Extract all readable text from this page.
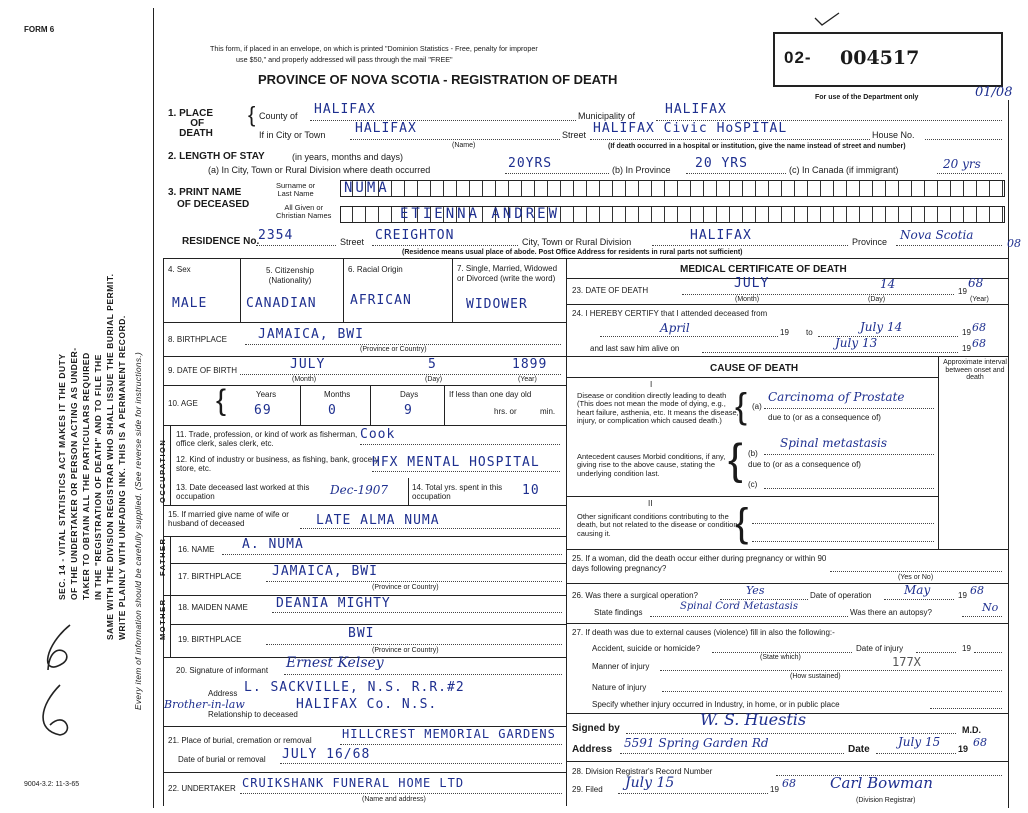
FORM 6
9004-3.2: 11-3-65
SEC. 14 - VITAL STATISTICS ACT MAKES IT THE DUTY OF THE UNDERTAKER OR PERSON ACTING AS UNDER- TAKER TO OBTAIN ALL THE PARTICULARS REQUIRED IN THE "REGISTRATION OF DEATH" AND TO FILE THE SAME WITH THE DIVISION REGISTRAR WHO SHALL ISSUE THE BURIAL PERMIT. WRITE PLAINLY WITH UNFADING INK. THIS IS A PERMANENT RECORD. Every item of information should be carefully supplied. (See reverse side for instructions.)
This form, if placed in an envelope, on which is printed "Dominion Statistics - Free, penalty for improper
use $50," and properly addressed will pass through the mail "FREE"
PROVINCE OF NOVA SCOTIA - REGISTRATION OF DEATH
02- 004517
For use of the Department only	01/08
08
1. PLACE
OF
DEATH
{ County of HALIFAX	Municipality of HALIFAX
If in City or Town HALIFAX
(Name)
Street HALIFAX Civic HoSPITAL	House No.
(If death occurred in a hospital or institution, give the name instead of street and number)
2. LENGTH OF STAY	(in years, months and days)
(a) In City, Town or Rural Division where death occurred	20YRS	(b) In Province 20 YRS	(c) In Canada (if immigrant)	20 yrs
3. PRINT NAME
OF DECEASED
Surname or
Last Name
All Given or
Christian Names
NUMA
ETIENNA ANDREW
RESIDENCE No.
2354	Street CREIGHTON	City, Town or Rural Division	HALIFAX	Province Nova Scotia
(Residence means usual place of abode. Post Office Address for residents in rural parts not sufficient)
4. Sex	5. Citizenship (Nationality)
6. Racial Origin	7. Single, Married, Widowed or Divorced (write the word)
MALE	CANADIAN	AFRICAN	WIDOWER
8. BIRTHPLACE JAMAICA, BWI
(Province or Country)
9. DATE OF BIRTH	JULY	5	1899
(Month)	(Day)	(Year)
10. AGE {	Years	Months	Days
69	0	9
If less than one day old
hrs. or	min.
OCCUPATION
11. Trade, profession, or kind of work as fisherman, office clerk, sales clerk, etc.
Cook
12. Kind of industry or business, as fishing, bank, grocery store, etc.	HFX MENTAL HOSPITAL
13. Date deceased last worked at this occupation	Dec-1907	14. Total yrs. spent in this occupation	10
15. If married give name of wife or husband of deceased	LATE ALMA NUMA
FATHER 16. NAME A. NUMA
17. BIRTHPLACE JAMAICA, BWI
(Province or Country)
MOTHER 18. MAIDEN NAME DEANIA MIGHTY
19. BIRTHPLACE	BWI
(Province or Country)
20. Signature of informant Ernest Kelsey
Address L. SACKVILLE, N.S. R.R.#2
Brother-in-law	HALIFAX Co. N.S.
Relationship to deceased
21. Place of burial, cremation or removal	HILLCREST MEMORIAL GARDENS
Date of burial or removal JULY 16/68
22. UNDERTAKER CRUIKSHANK FUNERAL HOME LTD
(Name and address)
MEDICAL CERTIFICATE OF DEATH
23. DATE OF DEATH	JULY	14
19
68
(Month)	(Day)	(Year)
24. I HEREBY CERTIFY that I attended deceased from
April	19 to	July 14	19 68
and last saw him alive on	July 13	19 68
CAUSE OF DEATH
Approximate interval between onset and death
I
Disease or condition directly leading to death (This does not mean the mode of dying, e.g., heart failure, asthenia, etc. It means the disease, injury, or complication which caused death.) { (a)
Carcinoma of Prostate
due to (or as a consequence of)
Antecedent causes Morbid conditions, if any, giving rise to the above cause, stating the underlying condition last.	{ (b)
Spinal metastasis
due to (or as a consequence of)
(c)
II
Other significant conditions contributing to the death, but not related to the disease or condition causing it.	{
25. If a woman, did the death occur either during pregnancy or within 90 days following pregnancy?
(Yes or No)
26. Was there a surgical operation?	Yes	Date of operation	May	19 68
State findings
Spinal Cord Metastasis
Was there an autopsy?	No
27. If death was due to external causes (violence) fill in also the following:-
Accident, suicide or homicide?
(State which)
Date of injury	19
Manner of injury	177X
(How sustained)
Nature of injury
Specify whether injury occurred in Industry, in home, or in public place
Signed by	W. S. Huestis
M.D.
Address 5591 Spring Garden Rd	Date
July 15 19 68
28. Division Registrar's Record Number
29. Filed July 15	19 68 Carl Bowman
(Division Registrar)
